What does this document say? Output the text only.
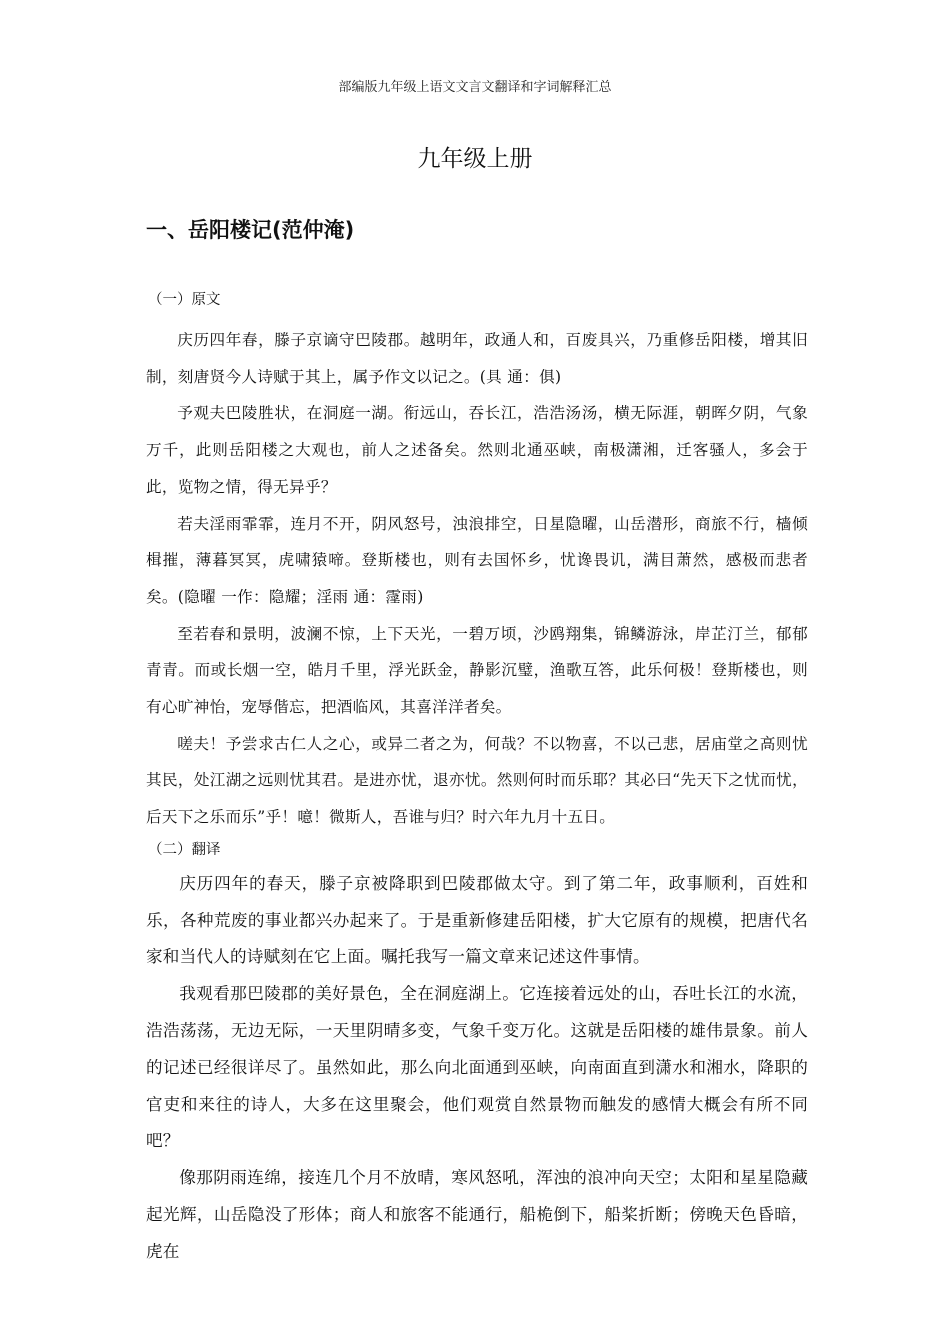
部编版九年级上语文文言文翻译和字词解释汇总
九年级上册
一、岳阳楼记(范仲淹)
（一）原文

庆历四年春，滕子京谪守巴陵郡。越明年，政通人和，百废具兴，乃重修岳阳楼，增其旧制，刻唐贤今人诗赋于其上，属予作文以记之。(具 通：俱)

予观夫巴陵胜状，在洞庭一湖。衔远山，吞长江，浩浩汤汤，横无际涯，朝晖夕阴，气象万千，此则岳阳楼之大观也，前人之述备矣。然则北通巫峡，南极潇湘，迁客骚人，多会于此，览物之情，得无异乎？

若夫淫雨霏霏，连月不开，阴风怒号，浊浪排空，日星隐曜，山岳潜形，商旅不行，樯倾楫摧，薄暮冥冥，虎啸猿啼。登斯楼也，则有去国怀乡，忧谗畏讥，满目萧然，感极而悲者矣。(隐曜 一作：隐耀；淫雨 通：霪雨)

至若春和景明，波澜不惊，上下天光，一碧万顷，沙鸥翔集，锦鳞游泳，岸芷汀兰，郁郁青青。而或长烟一空，皓月千里，浮光跃金，静影沉璧，渔歌互答，此乐何极！登斯楼也，则有心旷神怡，宠辱偕忘，把酒临风，其喜洋洋者矣。

嗟夫！予尝求古仁人之心，或异二者之为，何哉？不以物喜，不以己悲，居庙堂之高则忧其民，处江湖之远则忧其君。是进亦忧，退亦忧。然则何时而乐耶？其必曰“先天下之忧而忧，后天下之乐而乐”乎！噫！微斯人，吾谁与归？时六年九月十五日。

（二）翻译

庆历四年的春天，滕子京被降职到巴陵郡做太守。到了第二年，政事顺利，百姓和乐，各种荒废的事业都兴办起来了。于是重新修建岳阳楼，扩大它原有的规模，把唐代名家和当代人的诗赋刻在它上面。嘱托我写一篇文章来记述这件事情。

我观看那巴陵郡的美好景色，全在洞庭湖上。它连接着远处的山，吞吐长江的水流，浩浩荡荡，无边无际，一天里阴晴多变，气象千变万化。这就是岳阳楼的雄伟景象。前人的记述已经很详尽了。虽然如此，那么向北面通到巫峡，向南面直到潇水和湘水，降职的官吏和来往的诗人，大多在这里聚会，他们观赏自然景物而触发的感情大概会有所不同吧？

像那阴雨连绵，接连几个月不放晴，寒风怒吼，浑浊的浪冲向天空；太阳和星星隐藏起光辉，山岳隐没了形体；商人和旅客不能通行，船桅倒下，船桨折断；傍晚天色昏暗，虎在
